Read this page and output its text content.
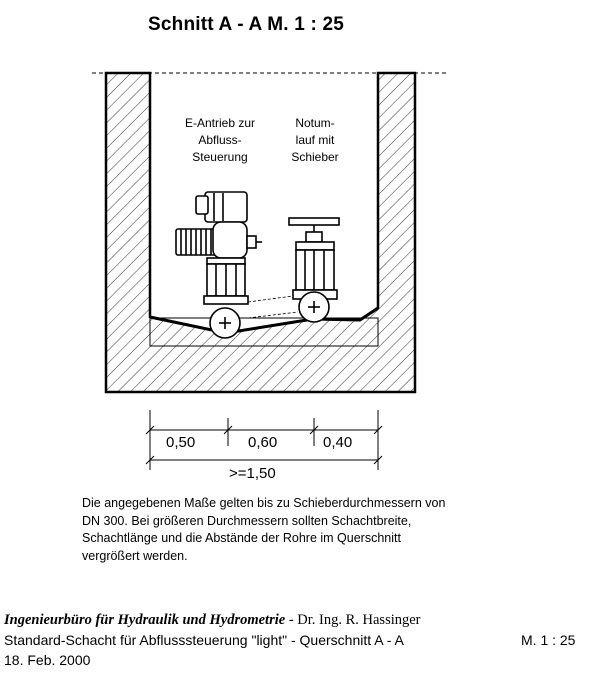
Schnitt A - A M. 1 : 25
E-Antrieb zur
Abfluss-
Steuerung
Notum-
lauf mit
Schieber
0,50	0,60	0,40
>=1,50
Die angegebenen Maße gelten bis zu Schieberdurchmessern von
DN 300. Bei größeren Durchmessern sollten Schachtbreite,
Schachtlänge und die Abstände der Rohre im Querschnitt
vergrößert werden.
Ingenieurbüro für Hydraulik und Hydrometrie - Dr. Ing. R. Hassinger
Standard-Schacht für Abflusssteuerung "light" - Querschnitt A - A	M. 1 : 25
18. Feb. 2000
